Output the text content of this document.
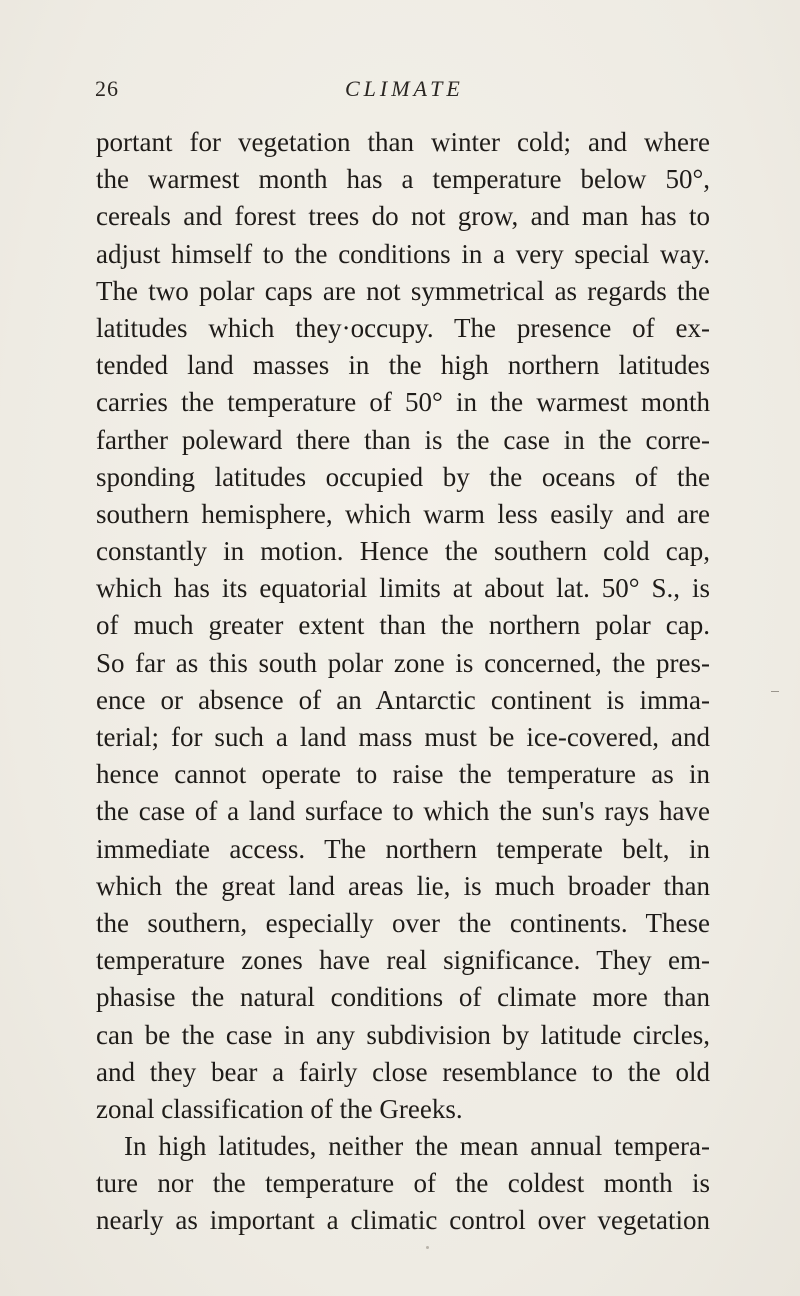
26	CLIMATE
portant for vegetation than winter cold; and where
the warmest month has a temperature below 50°,
cereals and forest trees do not grow, and man has to
adjust himself to the conditions in a very special way.
The two polar caps are not symmetrical as regards the
latitudes which they·occupy. The presence of ex-
tended land masses in the high northern latitudes
carries the temperature of 50° in the warmest month
farther poleward there than is the case in the corre-
sponding latitudes occupied by the oceans of the
southern hemisphere, which warm less easily and are
constantly in motion. Hence the southern cold cap,
which has its equatorial limits at about lat. 50° S., is
of much greater extent than the northern polar cap.
So far as this south polar zone is concerned, the pres-
ence or absence of an Antarctic continent is imma-
terial; for such a land mass must be ice-covered, and
hence cannot operate to raise the temperature as in
the case of a land surface to which the sun's rays have
immediate access. The northern temperate belt, in
which the great land areas lie, is much broader than
the southern, especially over the continents. These
temperature zones have real significance. They em-
phasise the natural conditions of climate more than
can be the case in any subdivision by latitude circles,
and they bear a fairly close resemblance to the old
zonal classification of the Greeks.
In high latitudes, neither the mean annual tempera-
ture nor the temperature of the coldest month is
nearly as important a climatic control over vegetation
